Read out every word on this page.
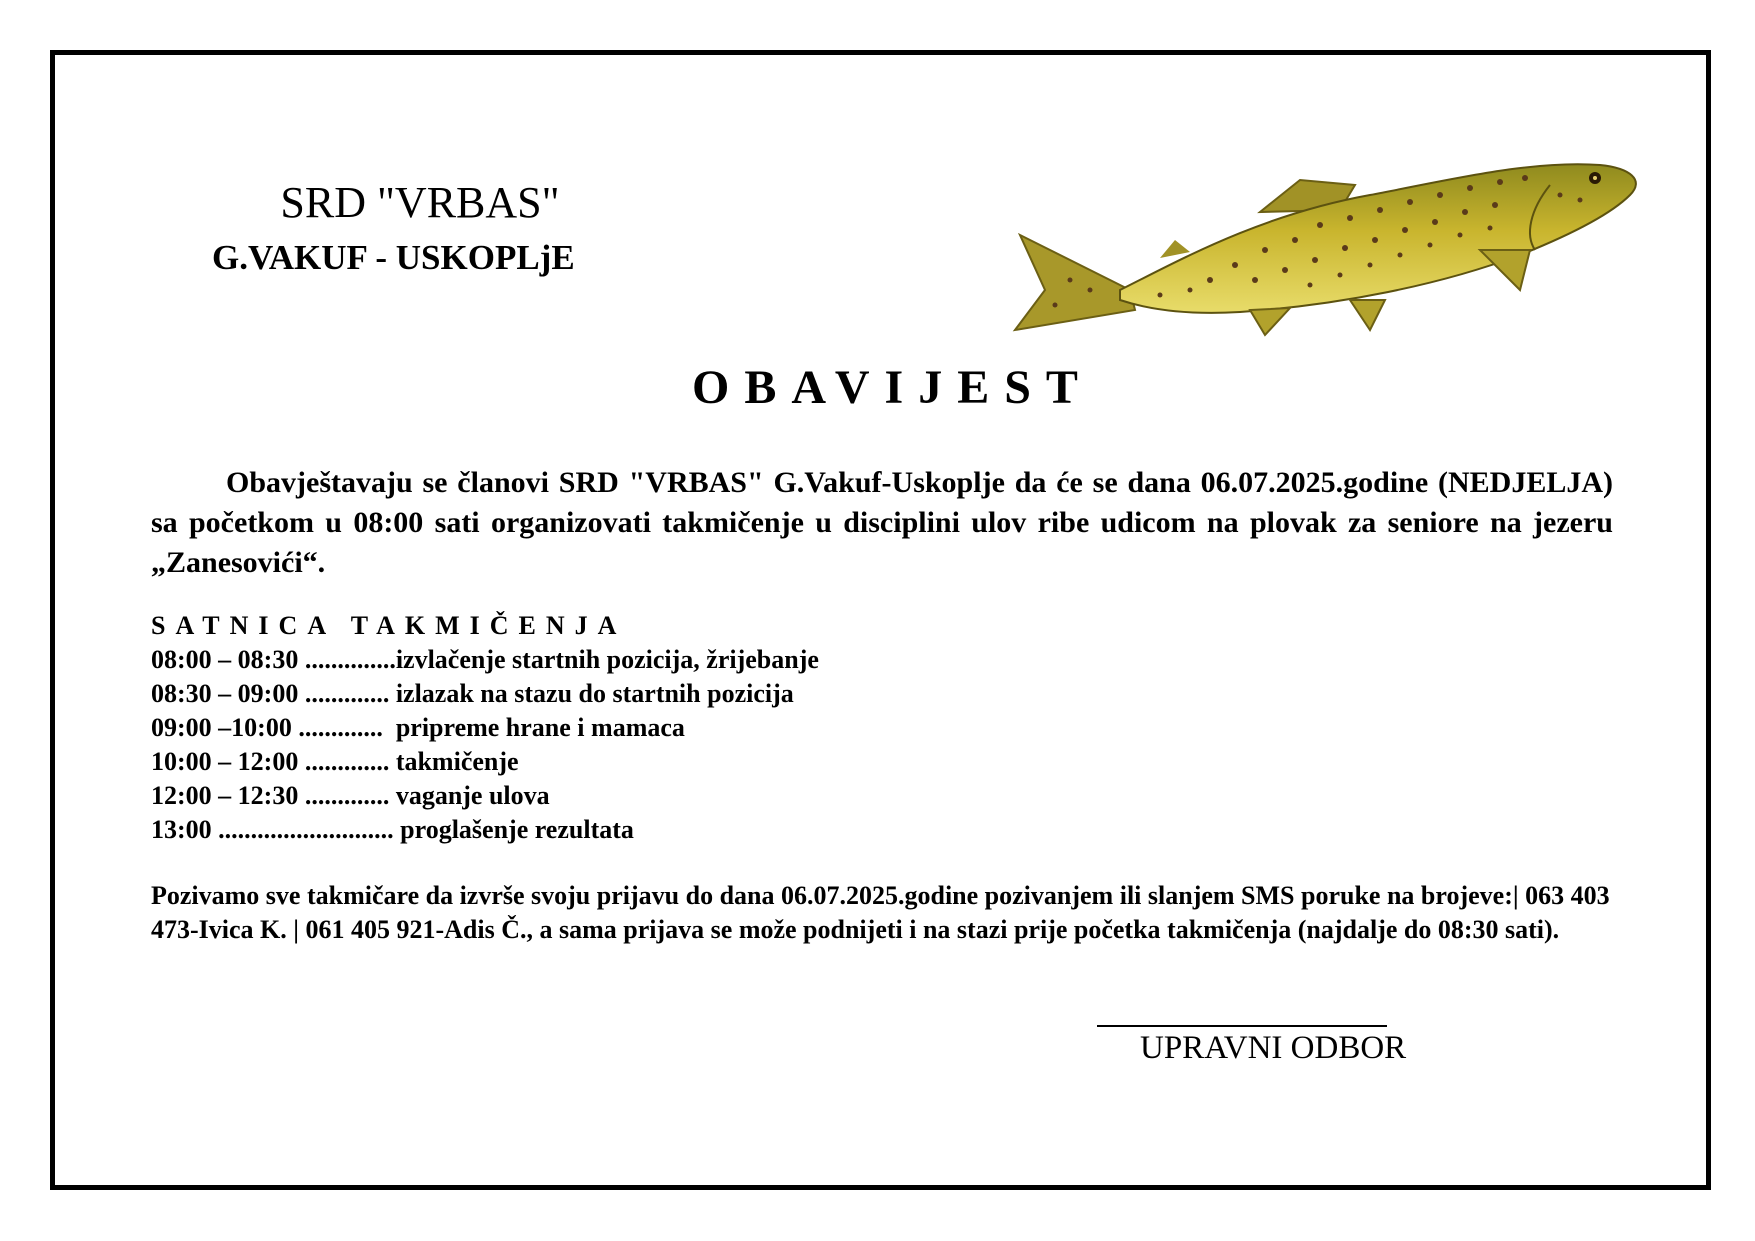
SRD "VRBAS"
G.VAKUF - USKOPLjE
OBAVIJEST

Obavještavaju se članovi SRD "VRBAS" G.Vakuf-Uskoplje da će se dana 06.07.2025.godine (NEDJELJA) sa početkom u 08:00 sati organizovati takmičenje u disciplini ulov ribe udicom na plovak za seniore na jezeru „Zanesovići“.

SATNICA TAKMIČENJA
08:00 – 08:30 ..............izvlačenje startnih pozicija, žrijebanje
08:30 – 09:00 ............. izlazak na stazu do startnih pozicija
09:00 –10:00 .............  pripreme hrane i mamaca
10:00 – 12:00 ............. takmičenje
12:00 – 12:30 ............. vaganje ulova
13:00 ........................... proglašenje rezultata

Pozivamo sve takmičare da izvrše svoju prijavu do dana 06.07.2025.godine pozivanjem ili slanjem SMS poruke na brojeve:| 063 403 473-Ivica K. | 061 405 921-Adis Č., a sama prijava se može podnijeti i na stazi prije početka takmičenja (najdalje do 08:30 sati).

UPRAVNI ODBOR
